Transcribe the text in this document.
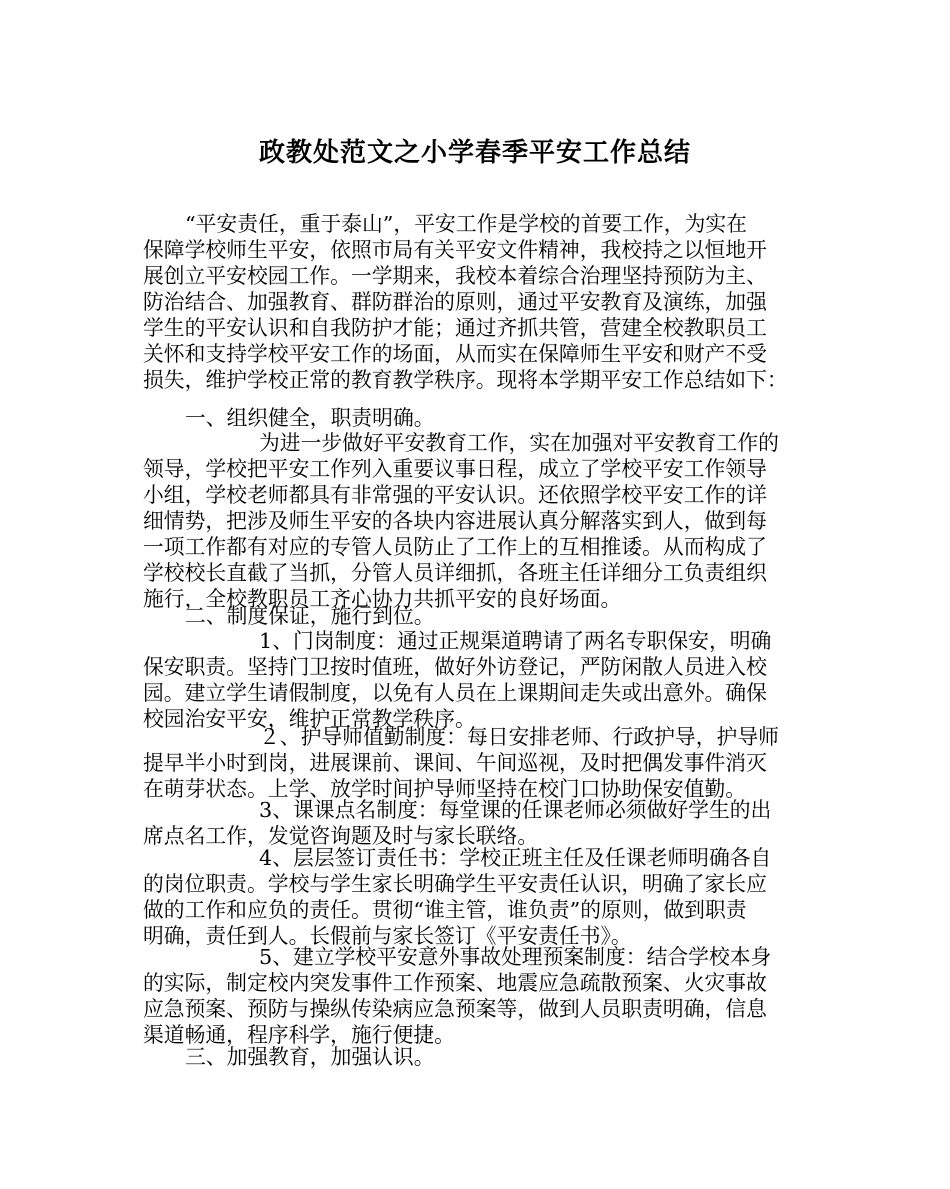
政教处范文之小学春季平安工作总结
“平安责任，重于泰山”，平安工作是学校的首要工作，为实在
保障学校师生平安，依照市局有关平安文件精神，我校持之以恒地开
展创立平安校园工作。一学期来，我校本着综合治理坚持预防为主、
防治结合、加强教育、群防群治的原则，通过平安教育及演练，加强
学生的平安认识和自我防护才能；通过齐抓共管，营建全校教职员工
关怀和支持学校平安工作的场面，从而实在保障师生平安和财产不受
损失，维护学校正常的教育教学秩序。现将本学期平安工作总结如下：
一、组织健全，职责明确。
为进一步做好平安教育工作，实在加强对平安教育工作的
领导，学校把平安工作列入重要议事日程，成立了学校平安工作领导
小组，学校老师都具有非常强的平安认识。还依照学校平安工作的详
细情势，把涉及师生平安的各块内容进展认真分解落实到人，做到每
一项工作都有对应的专管人员防止了工作上的互相推诿。从而构成了
学校校长直截了当抓，分管人员详细抓，各班主任详细分工负责组织
施行，全校教职员工齐心协力共抓平安的良好场面。
二、制度保证，施行到位。
1、门岗制度：通过正规渠道聘请了两名专职保安，明确
保安职责。坚持门卫按时值班，做好外访登记，严防闲散人员进入校
园。建立学生请假制度，以免有人员在上课期间走失或出意外。确保
校园治安平安，维护正常教学秩序。
２、护导师值勤制度：每日安排老师、行政护导，护导师
提早半小时到岗，进展课前、课间、午间巡视，及时把偶发事件消灭
在萌芽状态。上学、放学时间护导师坚持在校门口协助保安值勤。
3、课课点名制度：每堂课的任课老师必须做好学生的出
席点名工作，发觉咨询题及时与家长联络。
4、层层签订责任书：学校正班主任及任课老师明确各自
的岗位职责。学校与学生家长明确学生平安责任认识，明确了家长应
做的工作和应负的责任。贯彻“谁主管，谁负责”的原则，做到职责
明确，责任到人。长假前与家长签订《平安责任书》。
5、建立学校平安意外事故处理预案制度：结合学校本身
的实际，制定校内突发事件工作预案、地震应急疏散预案、火灾事故
应急预案、预防与操纵传染病应急预案等，做到人员职责明确，信息
渠道畅通，程序科学，施行便捷。
三、加强教育，加强认识。
